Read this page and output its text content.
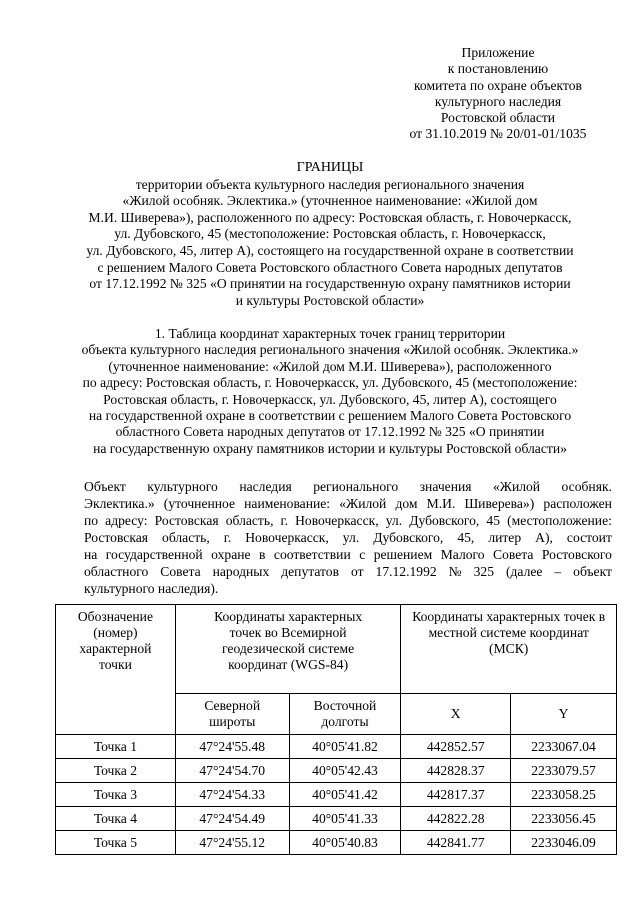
Приложение
к постановлению
комитета по охране объектов
культурного наследия
Ростовской области
от 31.10.2019 № 20/01-01/1035
ГРАНИЦЫ
территории объекта культурного наследия регионального значения
«Жилой особняк. Эклектика.» (уточненное наименование: «Жилой дом
М.И. Шиверева»), расположенного по адресу: Ростовская область, г. Новочеркасск,
ул. Дубовского, 45 (местоположение: Ростовская область, г. Новочеркасск,
ул. Дубовского, 45, литер А), состоящего на государственной охране в соответствии
с решением Малого Совета Ростовского областного Совета народных депутатов
от 17.12.1992 № 325 «О принятии на государственную охрану памятников истории
и культуры Ростовской области»
1. Таблица координат характерных точек границ территории
объекта культурного наследия регионального значения «Жилой особняк. Эклектика.»
(уточненное наименование: «Жилой дом М.И. Шиверева»), расположенного
по адресу: Ростовская область, г. Новочеркасск, ул. Дубовского, 45 (местоположение:
Ростовская область, г. Новочеркасск, ул. Дубовского, 45, литер А), состоящего
на государственной охране в соответствии с решением Малого Совета Ростовского
областного Совета народных депутатов от 17.12.1992 № 325 «О принятии
на государственную охрану памятников истории и культуры Ростовской области»
Объект культурного наследия регионального значения «Жилой особняк.
Эклектика.» (уточненное наименование: «Жилой дом М.И. Шиверева») расположен
по адресу: Ростовская область, г. Новочеркасск, ул. Дубовского, 45 (местоположение:
Ростовская область, г. Новочеркасск, ул. Дубовского, 45, литер А), состоит
на государственной охране в соответствии с решением Малого Совета Ростовского
областного Совета народных депутатов от 17.12.1992 № 325 (далее – объект
культурного наследия).
Обозначение
(номер)
характерной
точки	Координаты характерных
точек во Всемирной
геодезической системе
координат (WGS-84)		Координаты характерных точек в
местной системе координат
(МСК)	

	Северной
широты	Восточной
долготы	X	Y
Точка 1	47°24'55.48	40°05'41.82	442852.57	2233067.04
Точка 2	47°24'54.70	40°05'42.43	442828.37	2233079.57
Точка 3	47°24'54.33	40°05'41.42	442817.37	2233058.25
Точка 4	47°24'54.49	40°05'41.33	442822.28	2233056.45
Точка 5	47°24'55.12	40°05'40.83	442841.77	2233046.09
